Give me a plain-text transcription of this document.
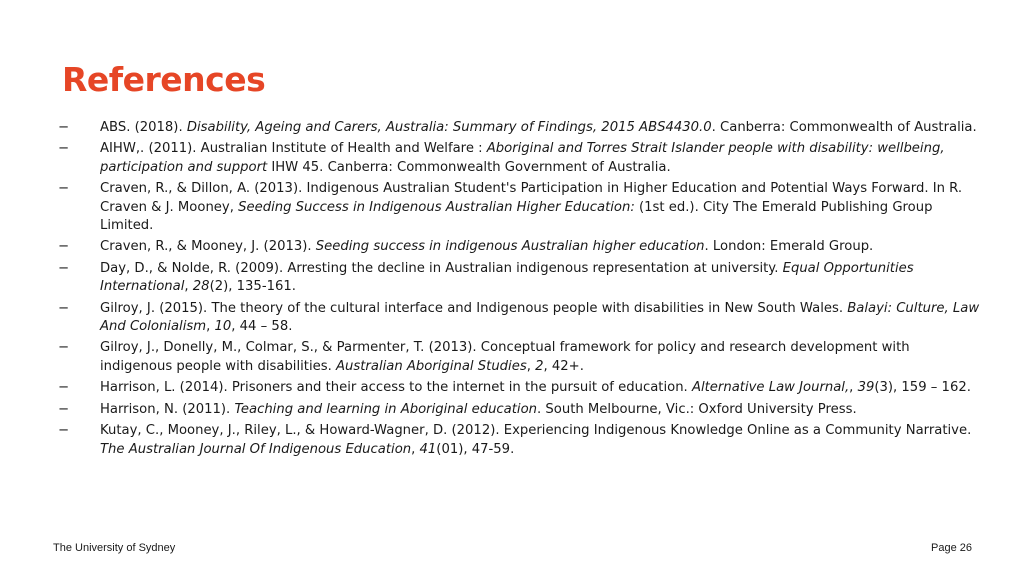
References
− ABS. (2018). Disability, Ageing and Carers, Australia: Summary of Findings, 2015 ABS4430.0. Canberra: Commonwealth of Australia.
− AIHW,. (2011). Australian Institute of Health and Welfare : Aboriginal and Torres Strait Islander people with disability: wellbeing, participation and support IHW 45. Canberra: Commonwealth Government of Australia.
− Craven, R., & Dillon, A. (2013). Indigenous Australian Student's Participation in Higher Education and Potential Ways Forward. In R. Craven & J. Mooney, Seeding Success in Indigenous Australian Higher Education: (1st ed.). City The Emerald Publishing Group Limited.
− Craven, R., & Mooney, J. (2013). Seeding success in indigenous Australian higher education. London: Emerald Group.
− Day, D., & Nolde, R. (2009). Arresting the decline in Australian indigenous representation at university. Equal Opportunities International, 28(2), 135-161.
− Gilroy, J. (2015). The theory of the cultural interface and Indigenous people with disabilities in New South Wales. Balayi: Culture, Law And Colonialism, 10, 44 – 58.
− Gilroy, J., Donelly, M., Colmar, S., & Parmenter, T. (2013). Conceptual framework for policy and research development with indigenous people with disabilities. Australian Aboriginal Studies, 2, 42+.
− Harrison, L. (2014). Prisoners and their access to the internet in the pursuit of education. Alternative Law Journal,, 39(3), 159 – 162.
− Harrison, N. (2011). Teaching and learning in Aboriginal education. South Melbourne, Vic.: Oxford University Press.
− Kutay, C., Mooney, J., Riley, L., & Howard-Wagner, D. (2012). Experiencing Indigenous Knowledge Online as a Community Narrative. The Australian Journal Of Indigenous Education, 41(01), 47-59.
The University of Sydney	Page 26
